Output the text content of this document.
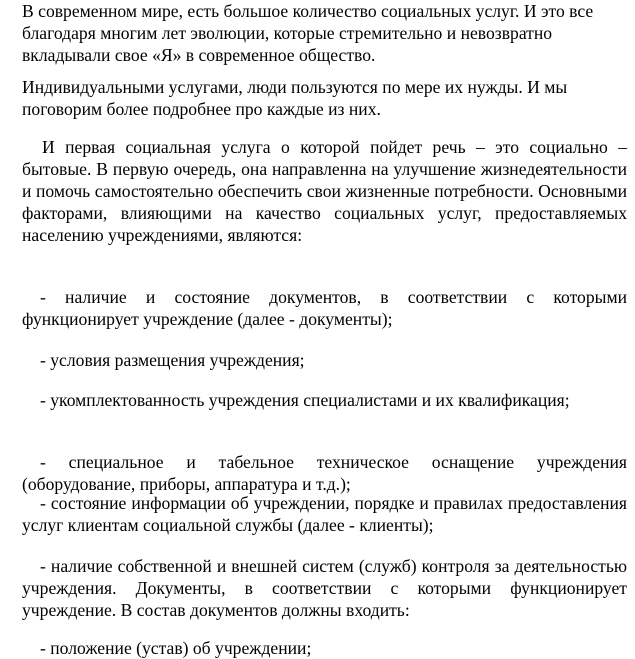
В современном мире, есть большое количество социальных услуг. И это все благодаря многим лет эволюции, которые стремительно и невозвратно вкладывали свое «Я» в современное общество.

Индивидуальными услугами, люди пользуются по мере их нужды. И мы поговорим более подробнее про каждые из них.

И первая социальная услуга о которой пойдет речь – это социально – бытовые. В первую очередь, она направленна на улучшение жизнедеятельности и помочь самостоятельно обеспечить свои жизненные потребности. Основными факторами, влияющими на качество социальных услуг, предоставляемых населению учреждениями, являются:

- наличие и состояние документов, в соответствии с которыми функционирует учреждение (далее - документы);

- условия размещения учреждения;

- укомплектованность учреждения специалистами и их квалификация;

- специальное и табельное техническое оснащение учреждения (оборудование, приборы, аппаратура и т.д.);

- состояние информации об учреждении, порядке и правилах предоставления услуг клиентам социальной службы (далее - клиенты);

- наличие собственной и внешней систем (служб) контроля за деятельностью учреждения. Документы, в соответствии с которыми функционирует учреждение. В состав документов должны входить:

- положение (устав) об учреждении;
